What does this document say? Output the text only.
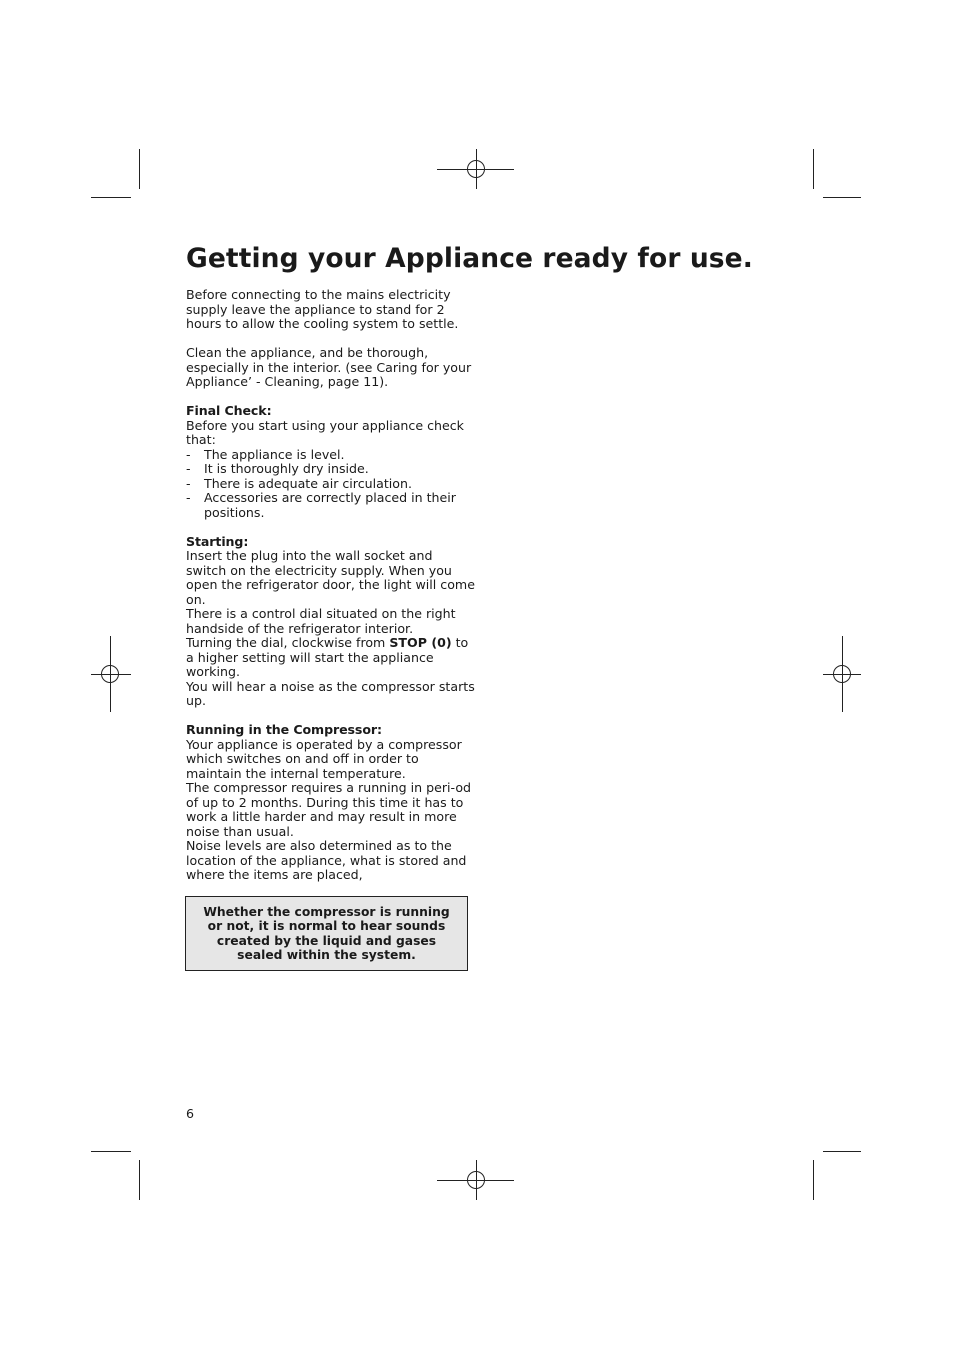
Getting your Appliance ready for use.

Before connecting to the mains electricity supply leave the appliance to stand for 2 hours to allow the cooling system to settle.

Clean the appliance, and be thorough, especially in the interior. (see Caring for your Appliance’ - Cleaning, page 11).

Final Check:

Before you start using your appliance check that:

- The appliance is level.
- It is thoroughly dry inside.
- There is adequate air circulation.
- Accessories are correctly placed in their positions.

Starting:

Insert the plug into the wall socket and switch on the electricity supply. When you open the refrigerator door, the light will come on.

There is a control dial situated on the right handside of the refrigerator interior.

Turning the dial, clockwise from STOP (0) to a higher setting will start the appliance working.

You will hear a noise as the compressor starts up.

Running in the Compressor:

Your appliance is operated by a compressor which switches on and off in order to maintain the internal temperature.

The compressor requires a running in peri-od of up to 2 months. During this time it has to work a little harder and may result in more noise than usual.

Noise levels are also determined as to the location of the appliance, what is stored and where the items are placed,

Whether the compressor is running or not, it is normal to hear sounds created by the liquid and gases sealed within the system.
6
